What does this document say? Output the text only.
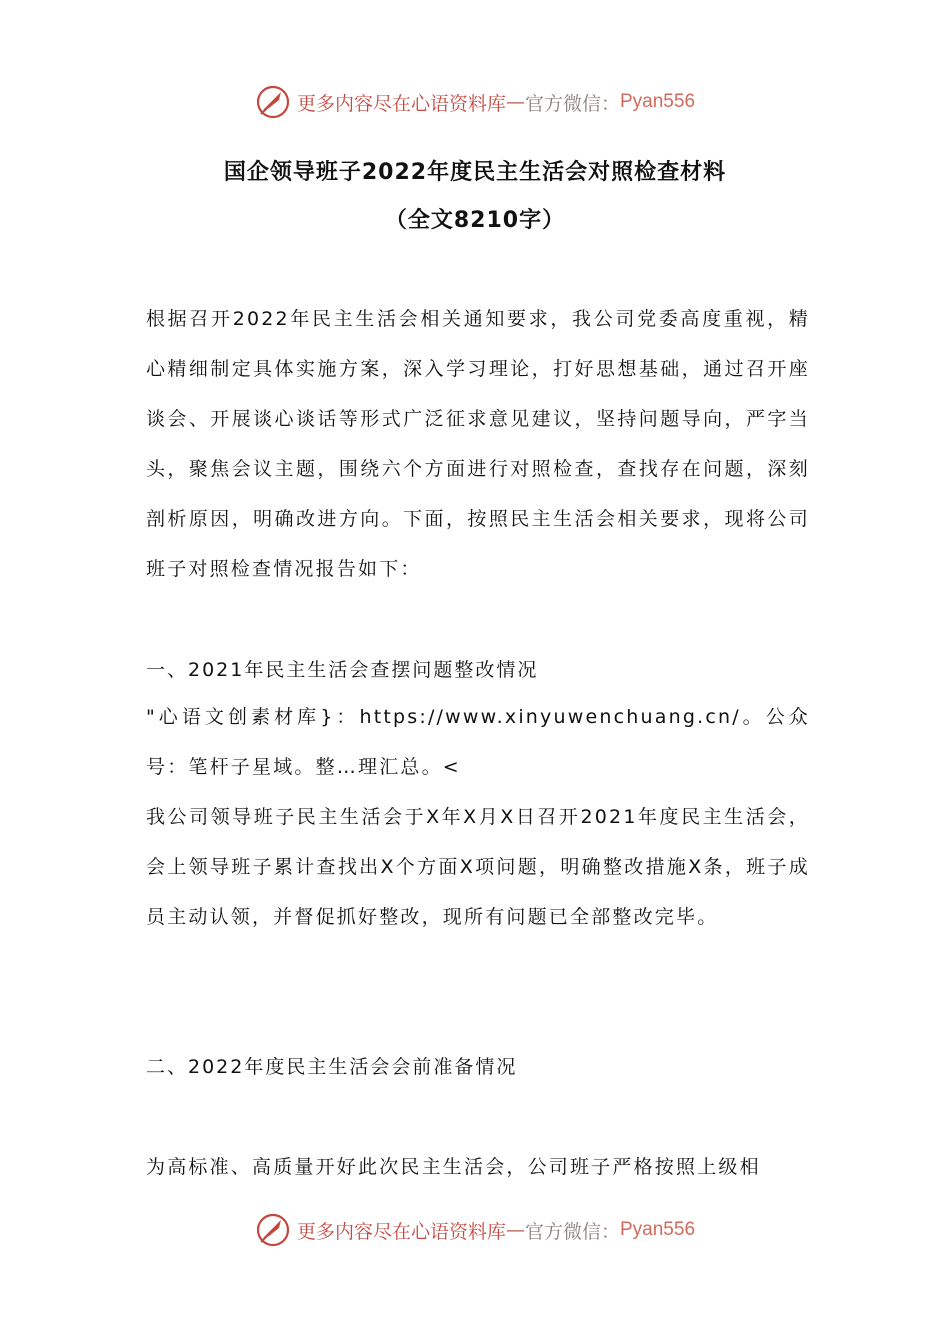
更多内容尽在心语资料库 — 官方微信： Pyan556
国企领导班子2022年度民主生活会对照检查材料
（全文8210字）

根据召开2022年民主生活会相关通知要求，我公司党委高度重视，精心精细制定具体实施方案，深入学习理论，打好思想基础，通过召开座谈会、开展谈心谈话等形式广泛征求意见建议，坚持问题导向，严字当头，聚焦会议主题，围绕六个方面进行对照检查，查找存在问题，深刻剖析原因，明确改进方向。下面，按照民主生活会相关要求，现将公司班子对照检查情况报告如下：

一、2021年民主生活会查摆问题整改情况

"心语文创素材库}：https://www.xinyuwenchuang.cn/。公众号：笔杆子星域。整…理汇总。<

我公司领导班子民主生活会于X年X月X日召开2021年度民主生活会，会上领导班子累计查找出X个方面X项问题，明确整改措施X条，班子成员主动认领，并督促抓好整改，现所有问题已全部整改完毕。

二、2022年度民主生活会会前准备情况

为高标准、高质量开好此次民主生活会，公司班子严格按照上级相

更多内容尽在心语资料库 — 官方微信： Pyan556
